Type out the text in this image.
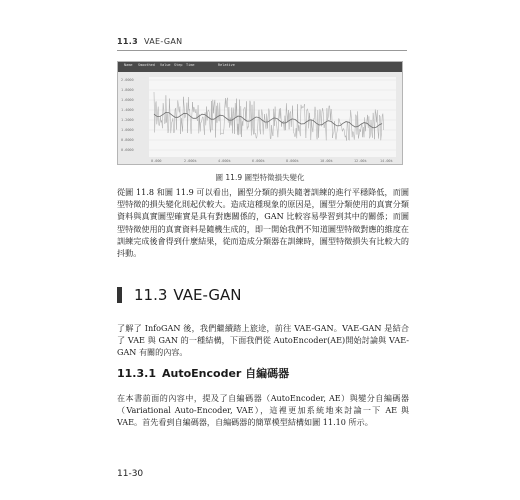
11.3 VAE-GAN
Name Smoothed Value Step Time	Relative
2.0000
1.8000
1.6000
1.4000
1.2000
1.0000
0.8000
0.6000
0.000	2.000k	4.000k	6.000k	8.000k	10.00k	12.00k	14.00k
圖 11.9 圖型特徵損失變化
從圖 11.8 和圖 11.9 可以看出，圖型分類的損失隨著訓練的進行平穩降低，而圖型特徵的損失變化則起伏較大。造成這種現象的原因是，圖型分類使用的真實分類資料與真實圖型確實是具有對應關係的，GAN 比較容易學習到其中的關係；而圖型特徵使用的真實資料是隨機生成的，即一開始我們不知道圖型特徵對應的維度在訓練完成後會得到什麼結果，從而造成分類器在訓練時，圖型特徵損失有比較大的抖動。
11.3 VAE-GAN
了解了 InfoGAN 後，我們繼續踏上旅途，前往 VAE-GAN。VAE-GAN 是結合了 VAE 與 GAN 的一種結構，下面我們從 AutoEncoder(AE)開始討論與 VAE-GAN 有關的內容。
11.3.1 AutoEncoder 自編碼器
在本書前面的內容中，提及了自編碼器（AutoEncoder, AE）與變分自編碼器（Variational Auto-Encoder, VAE），這裡更加系統地來討論一下 AE 與 VAE。首先看到自編碼器，自編碼器的簡單模型結構如圖 11.10 所示。
11-30
